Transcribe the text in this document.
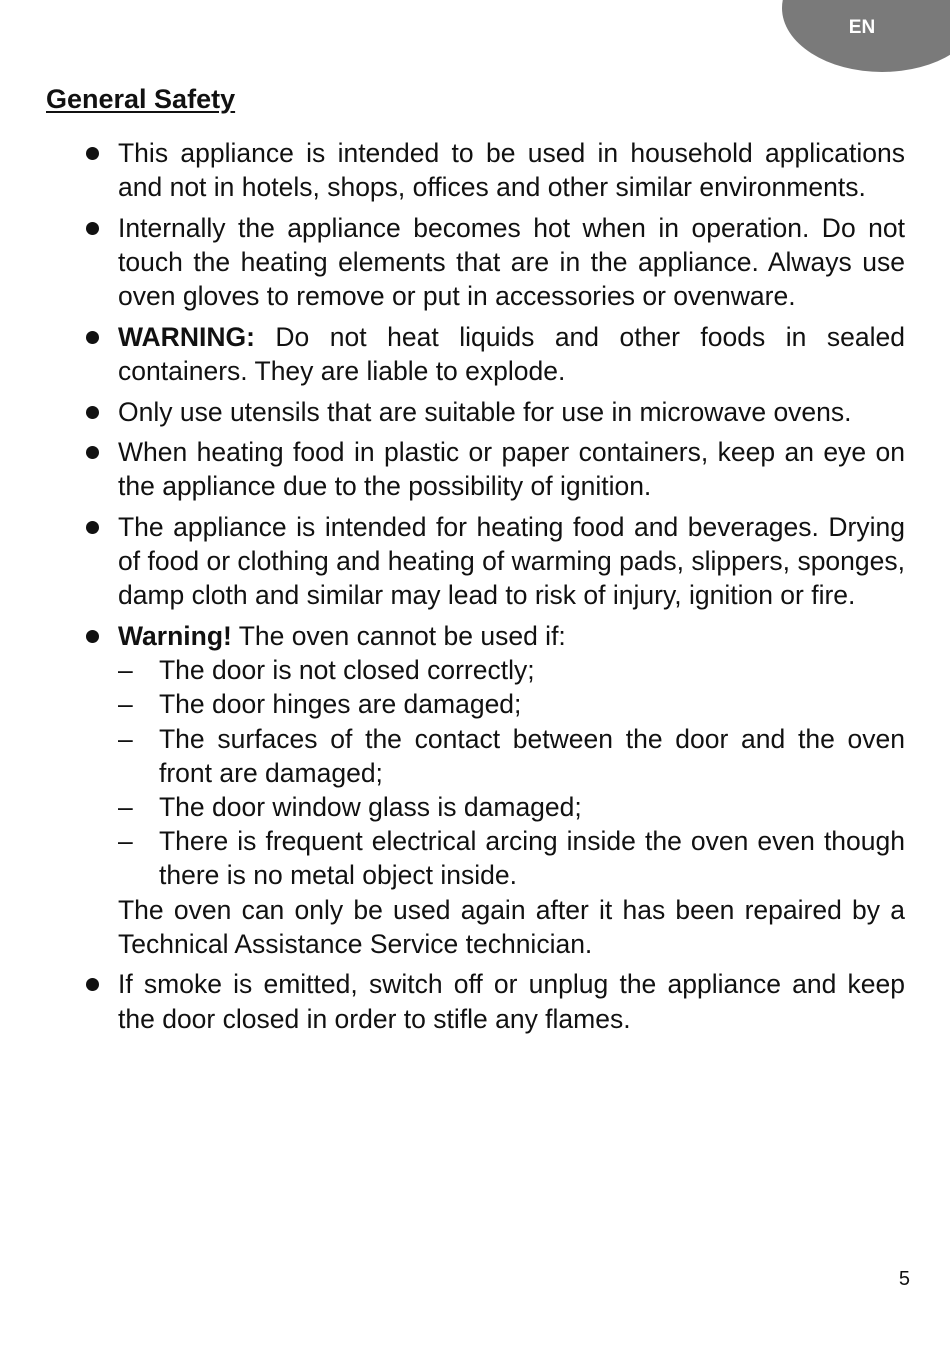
EN
General Safety
This appliance is intended to be used in household applications and not in hotels, shops, offices and other similar environments.
Internally the appliance becomes hot when in operation. Do not touch the heating elements that are in the appliance. Always use oven gloves to remove or put in accessories or ovenware.
WARNING: Do not heat liquids and other foods in sealed containers. They are liable to explode.
Only use utensils that are suitable for use in microwave ovens.
When heating food in plastic or paper containers, keep an eye on the appliance due to the possibility of ignition.
The appliance is intended for heating food and beverages. Drying of food or clothing and heating of warming pads, slippers, sponges, damp cloth and similar may lead to risk of injury, ignition or fire.
Warning! The oven cannot be used if:
– The door is not closed correctly;
– The door hinges are damaged;
– The surfaces of the contact between the door and the oven front are damaged;
– The door window glass is damaged;
– There is frequent electrical arcing inside the oven even though there is no metal object inside.
The oven can only be used again after it has been repaired by a Technical Assistance Service technician.
If smoke is emitted, switch off or unplug the appliance and keep the door closed in order to stifle any flames.
5
